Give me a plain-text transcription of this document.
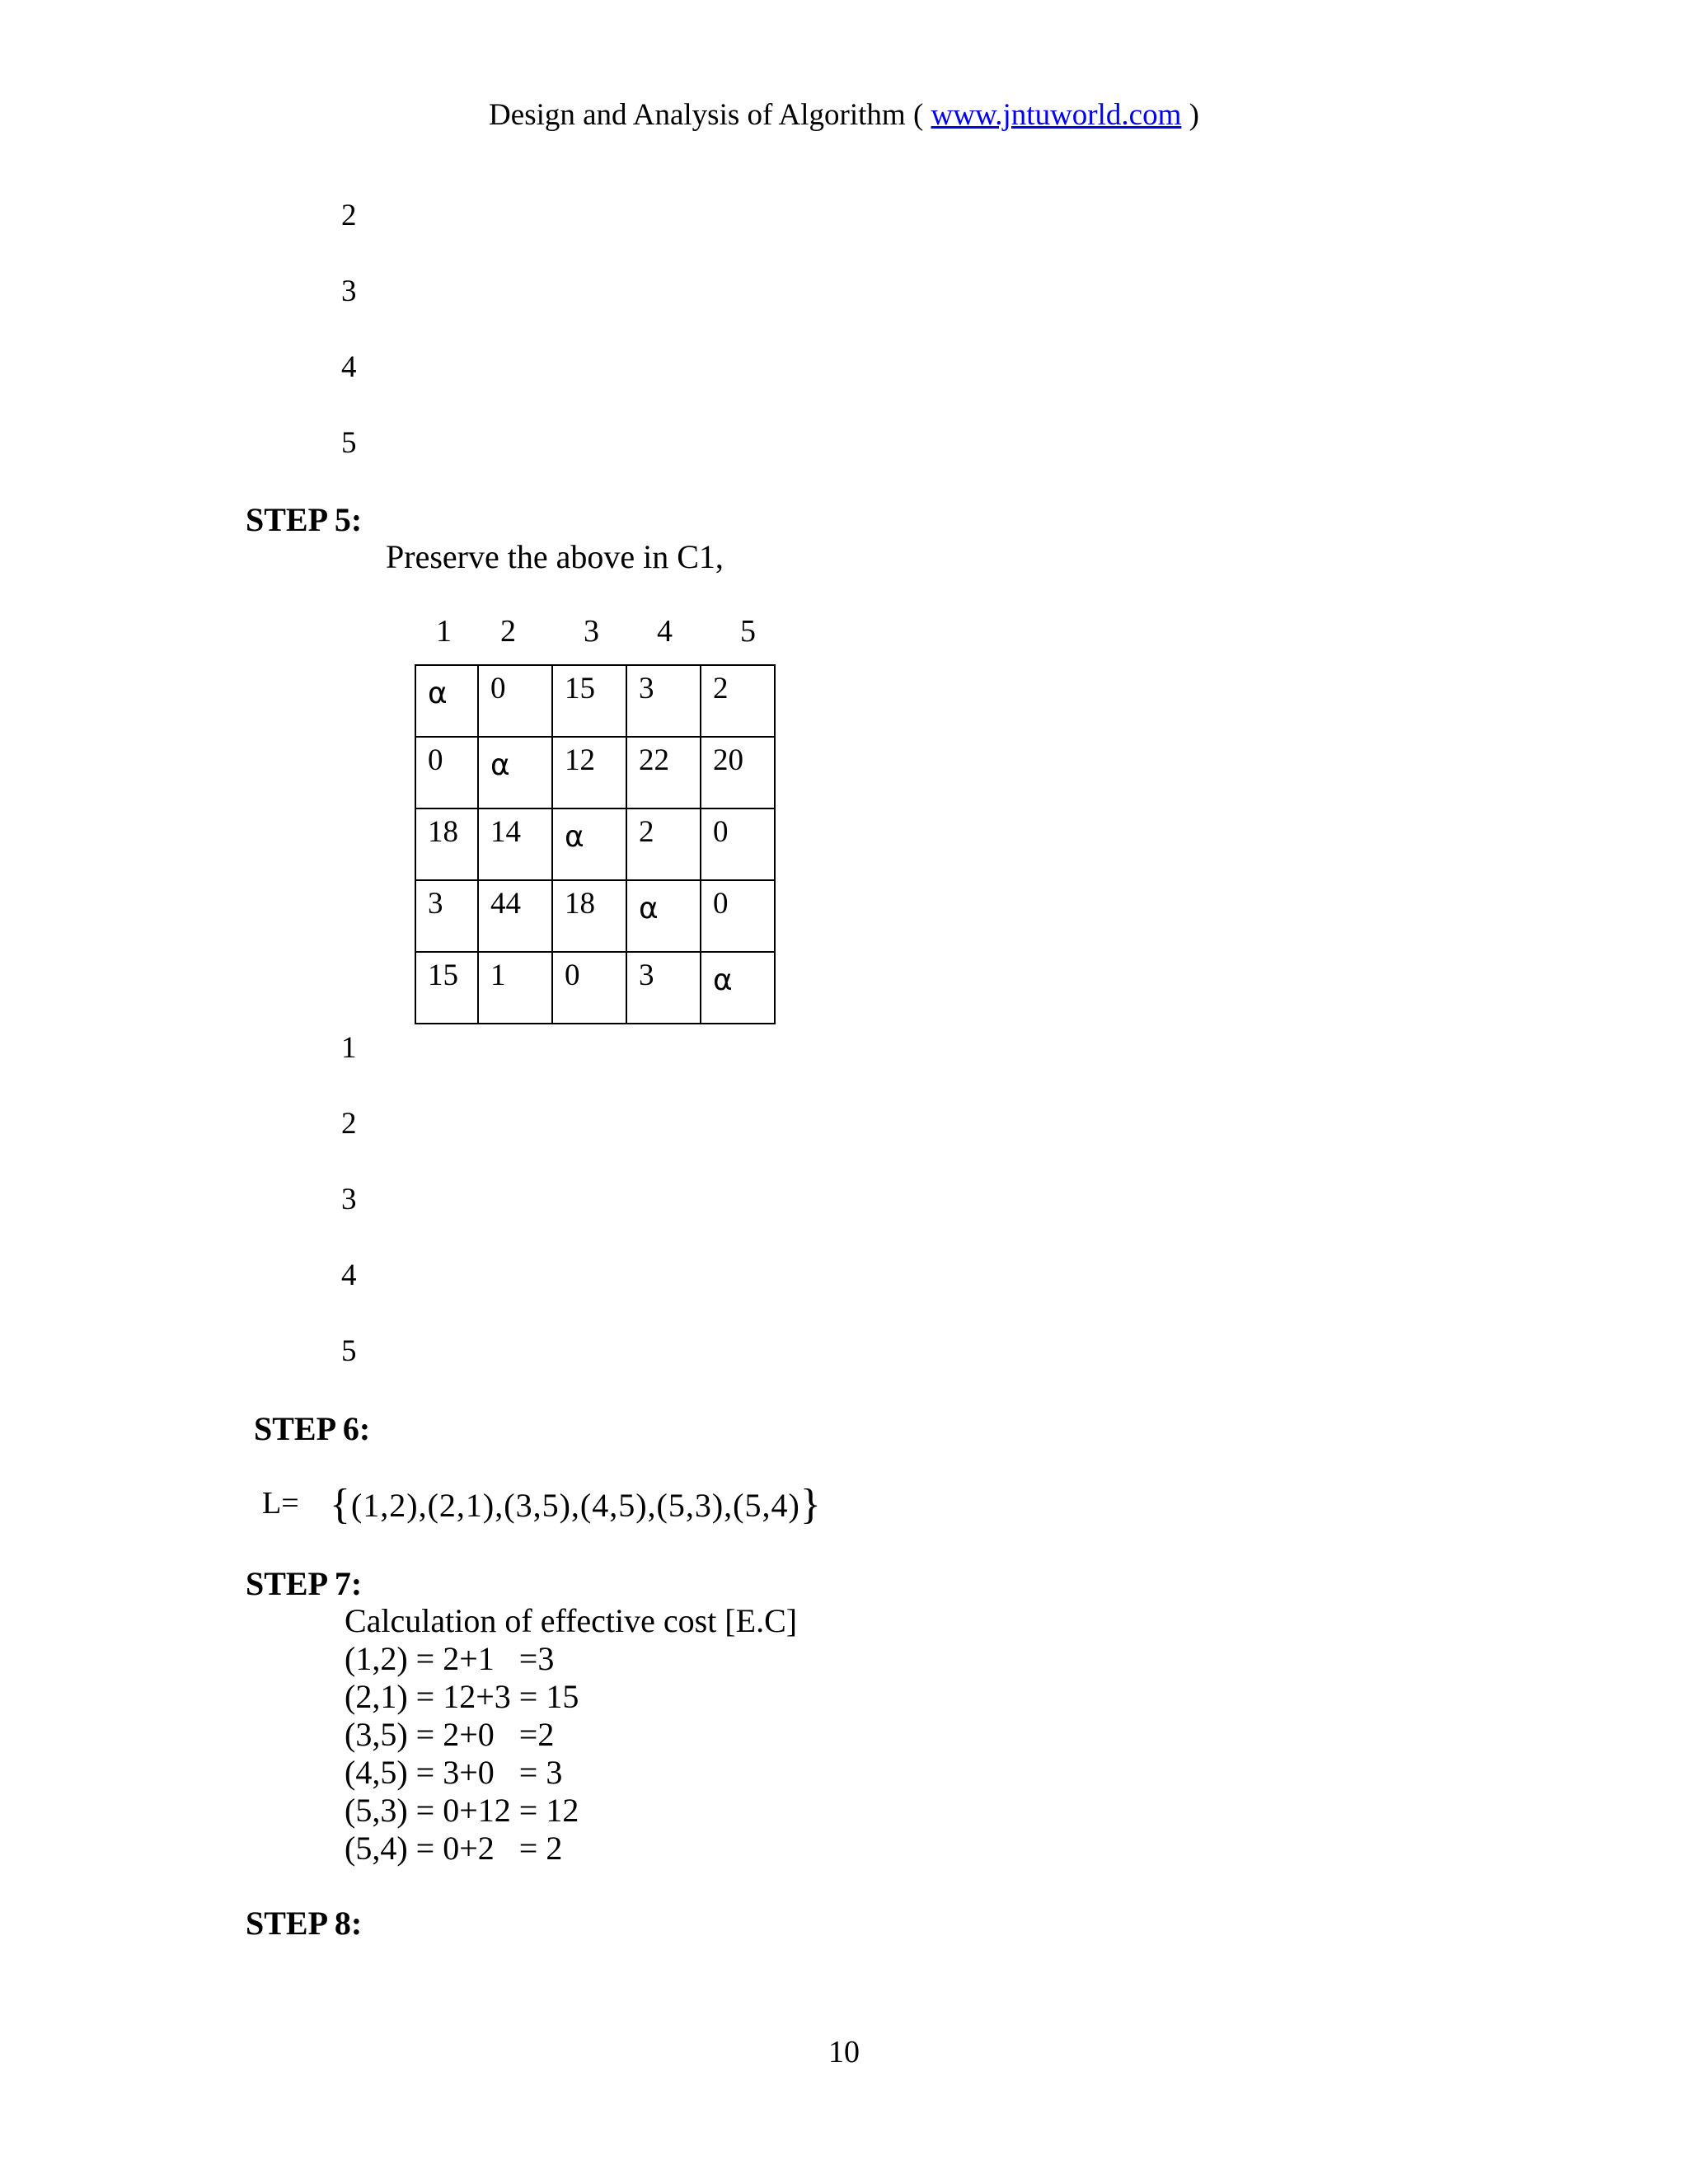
Design and Analysis of Algorithm ( www.jntuworld.com )
2
3
4
5
STEP 5:
Preserve the above in C1,
1 2 3 4 5
α	0	15	3	2
0	α	12	22	20
18	14	α	2	0
3	44	18	α	0
15	1	0	3	α
1
2
3
4
5
STEP 6:
L= {(1,2),(2,1),(3,5),(4,5),(5,3),(5,4)}
STEP 7:
Calculation of effective cost [E.C]
(1,2) = 2+1   =3
(2,1) = 12+3 = 15
(3,5) = 2+0   =2
(4,5) = 3+0   = 3
(5,3) = 0+12 = 12
(5,4) = 0+2   = 2
STEP 8:
10
